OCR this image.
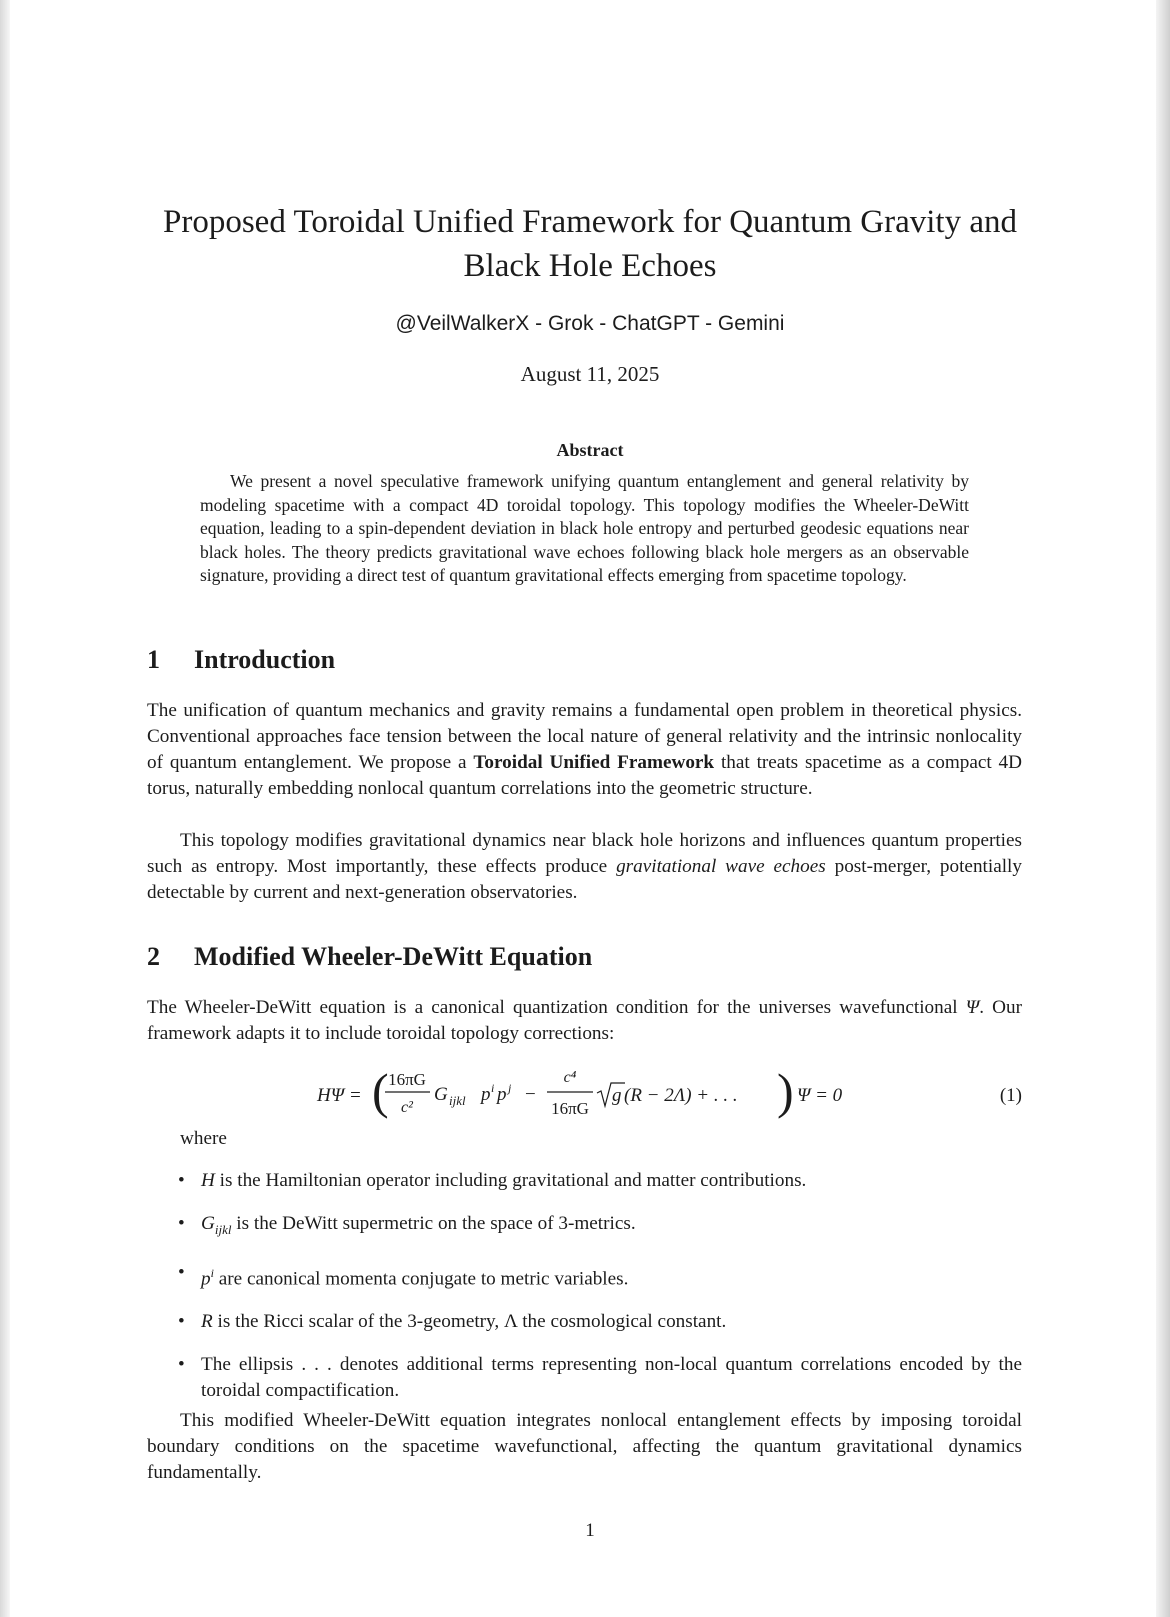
Proposed Toroidal Unified Framework for Quantum Gravity and
Black Hole Echoes
@VeilWalkerX - Grok - ChatGPT - Gemini
August 11, 2025
Abstract
We present a novel speculative framework unifying quantum entanglement and general relativity by modeling spacetime with a compact 4D toroidal topology. This topology modifies the Wheeler-DeWitt equation, leading to a spin-dependent deviation in black hole entropy and perturbed geodesic equations near black holes. The theory predicts gravitational wave echoes following black hole mergers as an observable signature, providing a direct test of quantum gravitational effects emerging from spacetime topology.
1 Introduction
The unification of quantum mechanics and gravity remains a fundamental open problem in theoretical physics. Conventional approaches face tension between the local nature of general relativity and the intrinsic nonlocality of quantum entanglement. We propose a Toroidal Unified Framework that treats spacetime as a compact 4D torus, naturally embedding nonlocal quantum correlations into the geometric structure.
This topology modifies gravitational dynamics near black hole horizons and influences quantum properties such as entropy. Most importantly, these effects produce gravitational wave echoes post-merger, potentially detectable by current and next-generation observatories.
2 Modified Wheeler-DeWitt Equation
The Wheeler-DeWitt equation is a canonical quantization condition for the universes wavefunctional Ψ. Our framework adapts it to include toroidal topology corrections:
HΨ = ( 16πG
c²
G ijkl p i p j −
c⁴
16πG
g (R − 2Λ) + . . . ) Ψ = 0	(1)
where
• H is the Hamiltonian operator including gravitational and matter contributions.
• $G_{ijkl}$ is the DeWitt supermetric on the space of 3-metrics.
• $p^i$ are canonical momenta conjugate to metric variables.
• R is the Ricci scalar of the 3-geometry, Λ the cosmological constant.
• The ellipsis . . . denotes additional terms representing non-local quantum correlations encoded by the toroidal compactification.
This modified Wheeler-DeWitt equation integrates nonlocal entanglement effects by imposing toroidal boundary conditions on the spacetime wavefunctional, affecting the quantum gravitational dynamics fundamentally.
1
